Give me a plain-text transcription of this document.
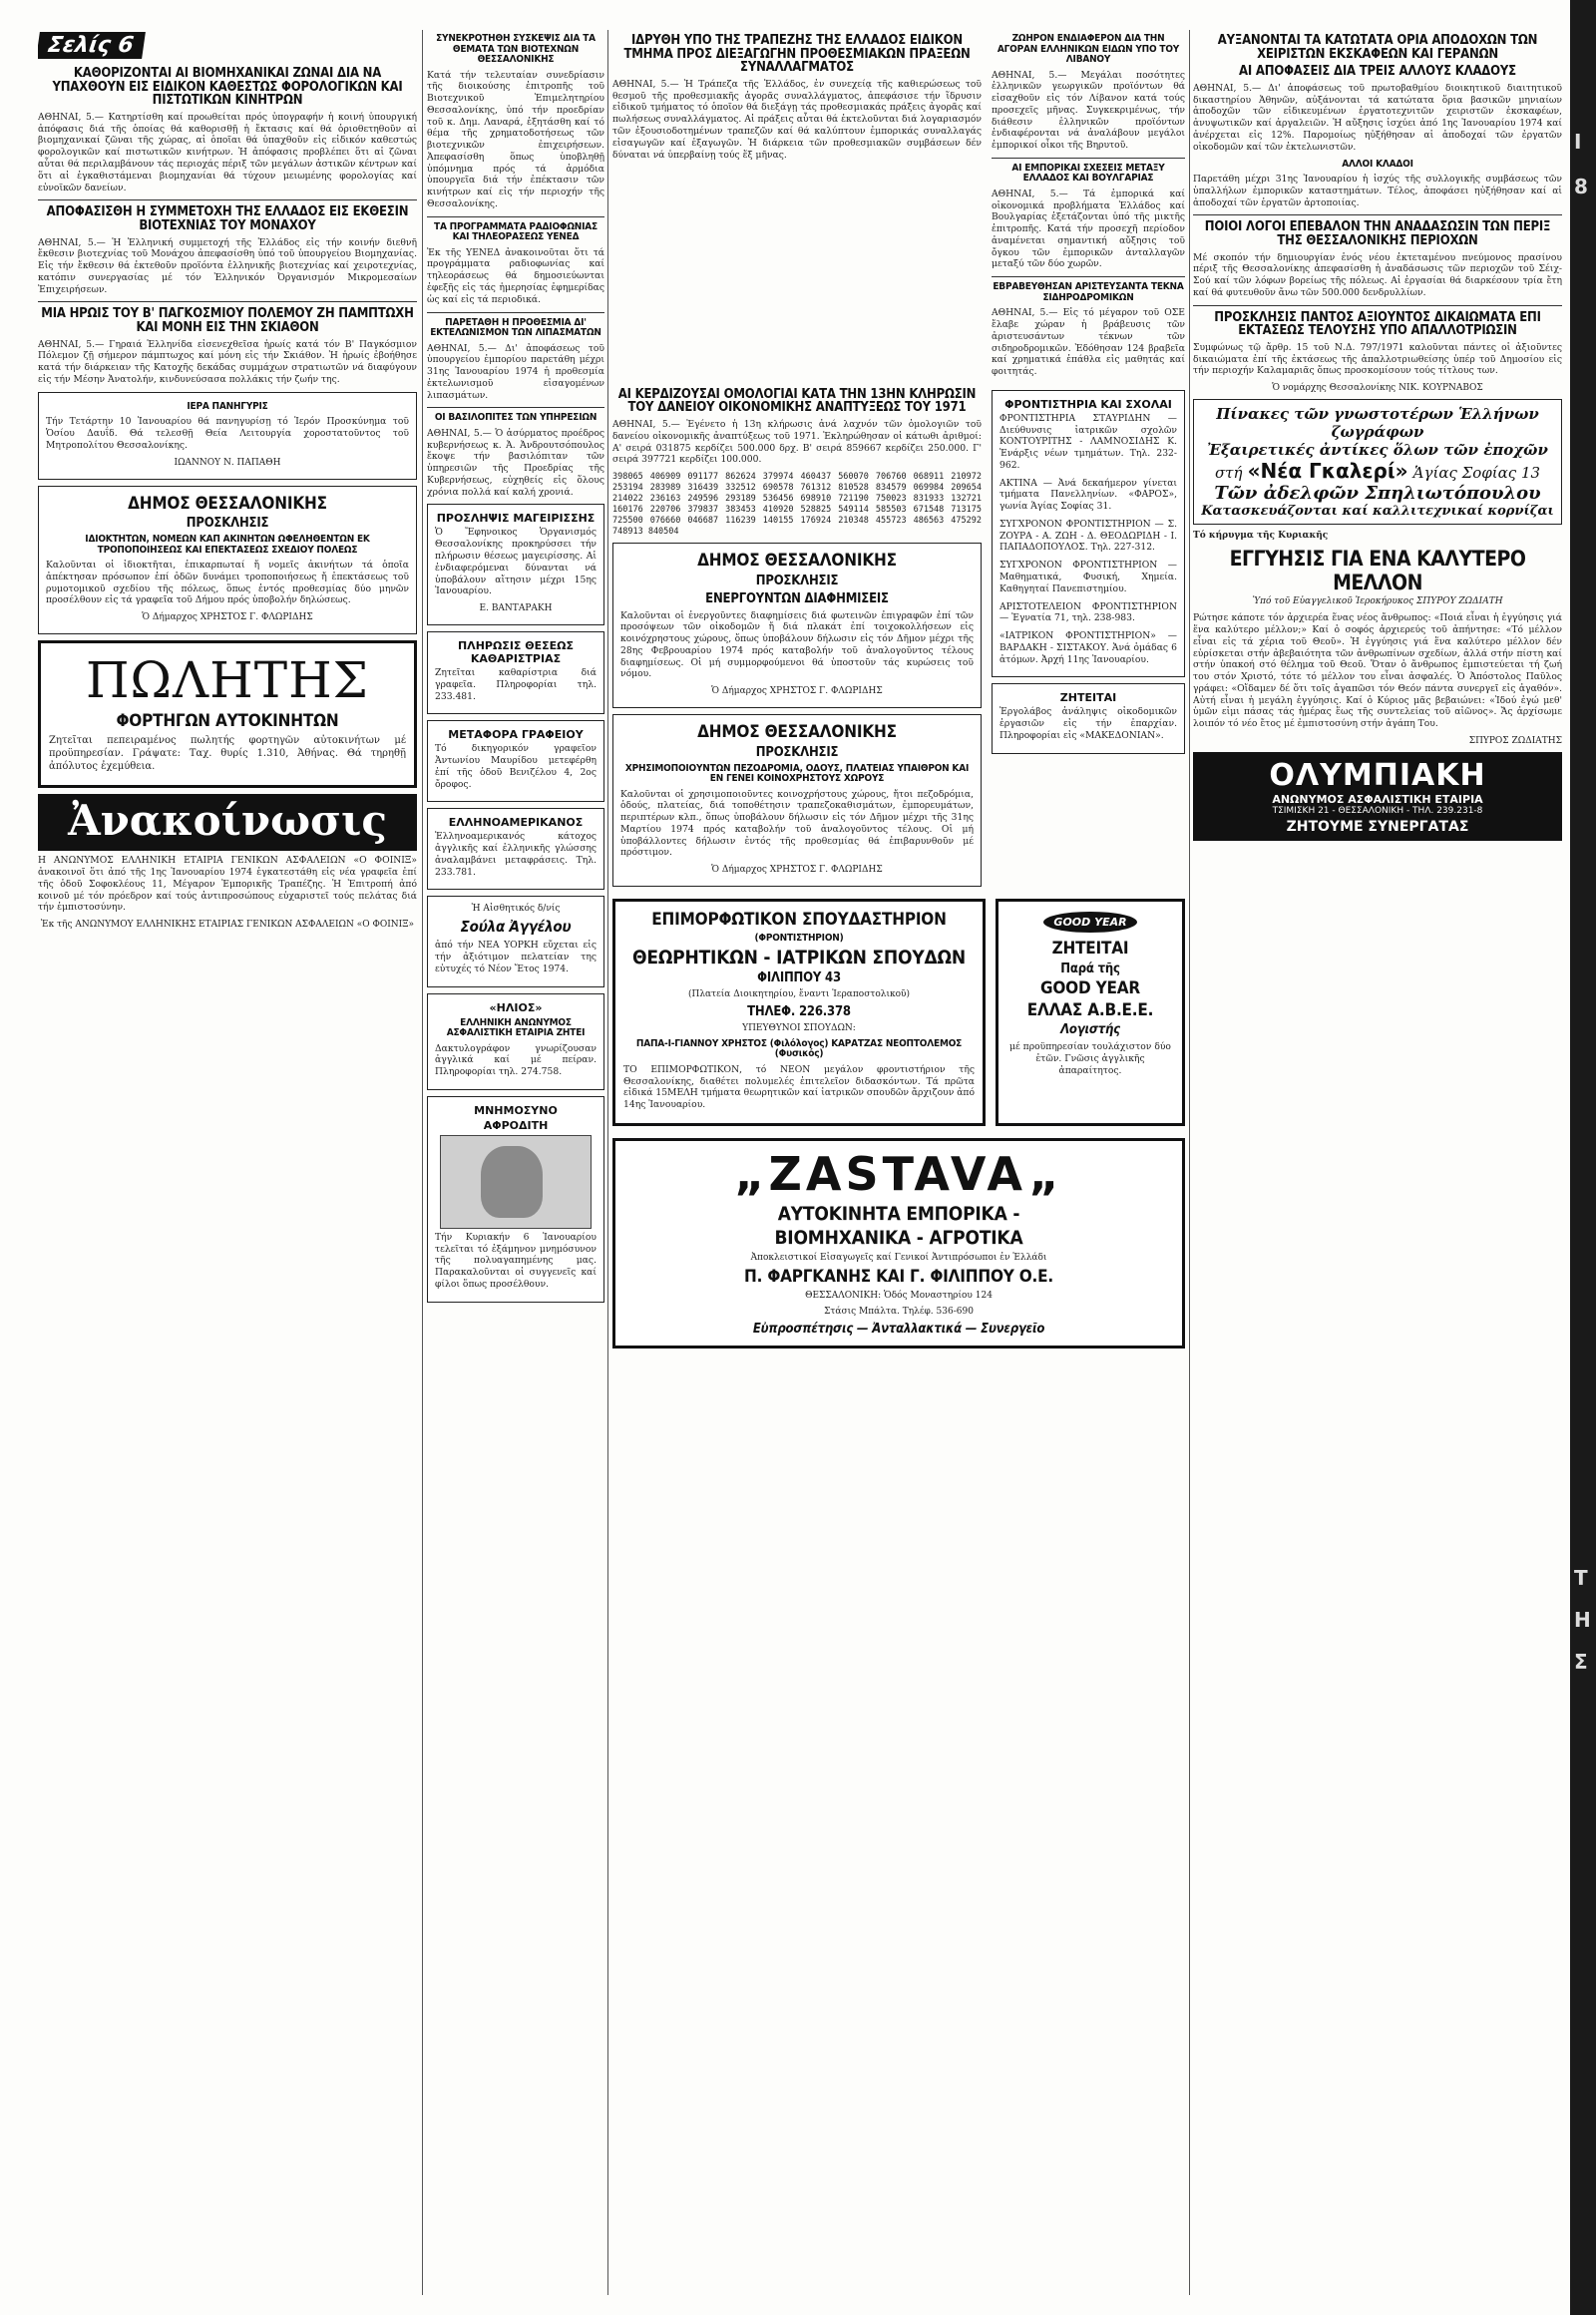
Σελίς 6
ΚΑΘΟΡΙΖΟΝΤΑΙ ΑΙ ΒΙΟΜΗΧΑΝΙΚΑΙ ΖΩΝΑΙ ΔΙΑ ΝΑ ΥΠΑΧΘΟΥΝ ΕΙΣ ΕΙΔΙΚΟΝ ΚΑΘΕΣΤΩΣ ΦΟΡΟΛΟΓΙΚΩΝ ΚΑΙ ΠΙΣΤΩΤΙΚΩΝ ΚΙΝΗΤΡΩΝ
ΑΘΗΝΑΙ, 5.— Κατηρτίσθη καί προωθείται πρός ὑπογραφήν ἡ κοινή ὑπουργική ἀπόφασις διά τῆς ὁποίας θά καθορισθῇ ἡ ἔκτασις καί θά ὁριοθετηθοῦν αἱ βιομηχανικαί ζῶναι τῆς χώρας, αἱ ὁποῖαι θά ὑπαχθοῦν εἰς εἰδικόν καθεστώς φορολογικῶν καί πιστωτικῶν κινήτρων. Ἡ ἀπόφασις προβλέπει ὅτι αἱ ζῶναι αὗται θά περιλαμβάνουν τάς περιοχάς πέριξ τῶν μεγάλων ἀστικῶν κέντρων καί ὅτι αἱ ἐγκαθιστάμεναι βιομηχανίαι θά τύχουν μειωμένης φορολογίας καί εὐνοϊκῶν δανείων.
ΑΠΟΦΑΣΙΣΘΗ Η ΣΥΜΜΕΤΟΧΗ ΤΗΣ ΕΛΛΑΔΟΣ ΕΙΣ ΕΚΘΕΣΙΝ ΒΙΟΤΕΧΝΙΑΣ ΤΟΥ ΜΟΝΑΧΟΥ
ΑΘΗΝΑΙ, 5.— Ἡ Ἑλληνική συμμετοχή τῆς Ἑλλάδος εἰς τήν κοινήν διεθνῆ ἔκθεσιν βιοτεχνίας τοῦ Μονάχου ἀπεφασίσθη ὑπό τοῦ ὑπουργείου Βιομηχανίας. Εἰς τήν ἔκθεσιν θά ἐκτεθοῦν προϊόντα ἑλληνικῆς βιοτεχνίας καί χειροτεχνίας, κατόπιν συνεργασίας μέ τόν Ἑλληνικόν Ὀργανισμόν Μικρομεσαίων Ἐπιχειρήσεων.
ΜΙΑ ΗΡΩΙΣ ΤΟΥ Β' ΠΑΓΚΟΣΜΙΟΥ ΠΟΛΕΜΟΥ ΖΗ ΠΑΜΠΤΩΧΗ ΚΑΙ ΜΟΝΗ ΕΙΣ ΤΗΝ ΣΚΙΑΘΟΝ
ΑΘΗΝΑΙ, 5.— Γηραιά Ἑλληνίδα εἰσενεχθεῖσα ἡρωίς κατά τόν Β' Παγκόσμιον Πόλεμον ζῇ σήμερον πάμπτωχος καί μόνη εἰς τήν Σκιάθον. Ἡ ἡρωίς ἐβοήθησε κατά τήν διάρκειαν τῆς Κατοχῆς δεκάδας συμμάχων στρατιωτῶν νά διαφύγουν εἰς τήν Μέσην Ἀνατολήν, κινδυνεύσασα πολλάκις τήν ζωήν της.
ΙΕΡΑ ΠΑΝΗΓΥΡΙΣ
Τήν Τετάρτην 10 Ἰανουαρίου θά πανηγυρίσῃ τό Ἱερόν Προσκύνημα τοῦ Ὁσίου Δαυΐδ. Θά τελεσθῇ Θεία Λειτουργία χοροστατοῦντος τοῦ Μητροπολίτου Θεσσαλονίκης.
ΙΩΑΝΝΟΥ Ν. ΠΑΠΑΘΗ
ΔΗΜΟΣ ΘΕΣΣΑΛΟΝΙΚΗΣ
ΠΡΟΣΚΛΗΣΙΣ
ΙΔΙΟΚΤΗΤΩΝ, ΝΟΜΕΩΝ ΚΑΠ ΑΚΙΝΗΤΩΝ ΩΦΕΛΗΘΕΝΤΩΝ ΕΚ ΤΡΟΠΟΠΟΙΗΣΕΩΣ ΚΑΙ ΕΠΕΚΤΑΣΕΩΣ ΣΧΕΔΙΟΥ ΠΟΛΕΩΣ
Καλοῦνται οἱ ἰδιοκτῆται, ἐπικαρπωταί ἤ νομεῖς ἀκινήτων τά ὁποῖα ἀπέκτησαν πρόσωπον ἐπί ὁδῶν δυνάμει τροποποιήσεως ἤ ἐπεκτάσεως τοῦ ρυμοτομικοῦ σχεδίου τῆς πόλεως, ὅπως ἐντός προθεσμίας δύο μηνῶν προσέλθουν εἰς τά γραφεῖα τοῦ Δήμου πρός ὑποβολήν δηλώσεως.
Ὁ Δήμαρχος ΧΡΗΣΤΟΣ Γ. ΦΛΩΡΙΔΗΣ
ΠΩΛΗΤΗΣ
ΦΟΡΤΗΓΩΝ ΑΥΤΟΚΙΝΗΤΩΝ
Ζητεῖται πεπειραμένος πωλητής φορτηγῶν αὐτοκινήτων μέ προϋπηρεσίαν. Γράψατε: Ταχ. θυρίς 1.310, Ἀθήνας. Θά τηρηθῇ ἀπόλυτος ἐχεμύθεια.
Ἀνακοίνωσις
Η ΑΝΩΝΥΜΟΣ ΕΛΛΗΝΙΚΗ ΕΤΑΙΡΙΑ ΓΕΝΙΚΩΝ ΑΣΦΑΛΕΙΩΝ «Ο ΦΟΙΝΙΞ» ἀνακοινοῖ ὅτι ἀπό τῆς 1ης Ἰανουαρίου 1974 ἐγκατεστάθη εἰς νέα γραφεῖα ἐπί τῆς ὁδοῦ Σοφοκλέους 11, Μέγαρον Ἐμπορικῆς Τραπέζης. Ἡ Ἐπιτροπή ἀπό κοινοῦ μέ τόν πρόεδρον καί τούς ἀντιπροσώπους εὐχαριστεῖ τούς πελάτας διά τήν ἐμπιστοσύνην.
Ἐκ τῆς ΑΝΩΝΥΜΟΥ ΕΛΛΗΝΙΚΗΣ ΕΤΑΙΡΙΑΣ ΓΕΝΙΚΩΝ ΑΣΦΑΛΕΙΩΝ «Ο ΦΟΙΝΙΞ»
ΣΥΝΕΚΡΟΤΗΘΗ ΣΥΣΚΕΨΙΣ ΔΙΑ ΤΑ ΘΕΜΑΤΑ ΤΩΝ ΒΙΟΤΕΧΝΩΝ ΘΕΣΣΑΛΟΝΙΚΗΣ
Κατά τήν τελευταίαν συνεδρίασιν τῆς διοικούσης ἐπιτροπῆς τοῦ Βιοτεχνικοῦ Ἐπιμελητηρίου Θεσσαλονίκης, ὑπό τήν προεδρίαν τοῦ κ. Δημ. Λαναρά, ἐξητάσθη καί τό θέμα τῆς χρηματοδοτήσεως τῶν βιοτεχνικῶν ἐπιχειρήσεων. Ἀπεφασίσθη ὅπως ὑποβληθῇ ὑπόμνημα πρός τά ἁρμόδια ὑπουργεῖα διά τήν ἐπέκτασιν τῶν κινήτρων καί εἰς τήν περιοχήν τῆς Θεσσαλονίκης.
ΤΑ ΠΡΟΓΡΑΜΜΑΤΑ ΡΑΔΙΟΦΩΝΙΑΣ ΚΑΙ ΤΗΛΕΟΡΑΣΕΩΣ ΥΕΝΕΔ
Ἐκ τῆς ΥΕΝΕΔ ἀνακοινοῦται ὅτι τά προγράμματα ραδιοφωνίας καί τηλεοράσεως θά δημοσιεύωνται ἐφεξῆς εἰς τάς ἡμερησίας ἐφημερίδας ὡς καί εἰς τά περιοδικά.
ΠΑΡΕΤΑΘΗ Η ΠΡΟΘΕΣΜΙΑ ΔΙ' ΕΚΤΕΛΩΝΙΣΜΟΝ ΤΩΝ ΛΙΠΑΣΜΑΤΩΝ
ΑΘΗΝΑΙ, 5.— Δι' ἀποφάσεως τοῦ ὑπουργείου ἐμπορίου παρετάθη μέχρι 31ης Ἰανουαρίου 1974 ἡ προθεσμία ἐκτελωνισμοῦ εἰσαγομένων λιπασμάτων.
ΟΙ ΒΑΣΙΛΟΠΙΤΕΣ ΤΩΝ ΥΠΗΡΕΣΙΩΝ
ΑΘΗΝΑΙ, 5.— Ὁ ἀσύρματος προέδρος κυβερνήσεως κ. Ἀ. Ἀνδρουτσόπουλος ἔκοψε τήν βασιλόπιταν τῶν ὑπηρεσιῶν τῆς Προεδρίας τῆς Κυβερνήσεως, εὐχηθείς εἰς ὅλους χρόνια πολλά καί καλή χρονιά.
ΠΡΟΣΛΗΨΙΣ ΜΑΓΕΙΡΙΣΣΗΣ
Ὁ Ἔφηνοικος Ὁργανισμός Θεσσαλονίκης προκηρύσσει τήν πλήρωσιν θέσεως μαγειρίσσης. Αἱ ἐνδιαφερόμεναι δύνανται νά ὑποβάλουν αἴτησιν μέχρι 15ης Ἰανουαρίου.
Ε. ΒΑΝΤΑΡΑΚΗ
ΠΛΗΡΩΣΙΣ ΘΕΣΕΩΣ ΚΑΘΑΡΙΣΤΡΙΑΣ
Ζητεῖται καθαρίστρια διά γραφεῖα. Πληροφορίαι τηλ. 233.481.
ΜΕΤΑΦΟΡΑ ΓΡΑΦΕΙΟΥ
Τό δικηγορικόν γραφεῖον Ἀντωνίου Μαυρίδου μετεφέρθη ἐπί τῆς ὁδοῦ Βενιζέλου 4, 2ος ὄροφος.
ΕΛΛΗΝΟΑΜΕΡΙΚΑΝΟΣ
Ἑλληνοαμερικανός κάτοχος ἀγγλικῆς καί ἑλληνικῆς γλώσσης ἀναλαμβάνει μεταφράσεις. Τηλ. 233.781.
Ἡ Αἰσθητικός δ/νίς
Σούλα Ἀγγέλου
ἀπό τήν ΝΕΑ ΥΟΡΚΗ εὔχεται εἰς τήν ἀξιότιμον πελατείαν της εὐτυχές τό Νέον Ἔτος 1974.
«ΗΛΙΟΣ»
ΕΛΛΗΝΙΚΗ ΑΝΩΝΥΜΟΣ ΑΣΦΑΛΙΣΤΙΚΗ ΕΤΑΙΡΙΑ ΖΗΤΕΙ
Δακτυλογράφον γνωρίζουσαν ἀγγλικά καί μέ πείραν. Πληροφορίαι τηλ. 274.758.
ΜΝΗΜΟΣΥΝΟ
ΑΦΡΟΔΙΤΗ
Τήν Κυριακήν 6 Ἰανουαρίου τελεῖται τό ἑξάμηνον μνημόσυνον τῆς πολυαγαπημένης μας. Παρακαλοῦνται οἱ συγγενεῖς καί φίλοι ὅπως προσέλθουν.
ΙΔΡΥΘΗ ΥΠΟ ΤΗΣ ΤΡΑΠΕΖΗΣ ΤΗΣ ΕΛΛΑΔΟΣ ΕΙΔΙΚΟΝ ΤΜΗΜΑ ΠΡΟΣ ΔΙΕΞΑΓΩΓΗΝ ΠΡΟΘΕΣΜΙΑΚΩΝ ΠΡΑΞΕΩΝ ΣΥΝΑΛΛΑΓΜΑΤΟΣ
ΑΘΗΝΑΙ, 5.— Ἡ Τράπεζα τῆς Ἑλλάδος, ἐν συνεχείᾳ τῆς καθιερώσεως τοῦ θεσμοῦ τῆς προθεσμιακῆς ἀγορᾶς συναλλάγματος, ἀπεφάσισε τήν ἵδρυσιν εἰδικοῦ τμήματος τό ὁποῖον θά διεξάγῃ τάς προθεσμιακάς πράξεις ἀγορᾶς καί πωλήσεως συναλλάγματος. Αἱ πράξεις αὗται θά ἐκτελοῦνται διά λογαριασμόν τῶν ἐξουσιοδοτημένων τραπεζῶν καί θά καλύπτουν ἐμπορικάς συναλλαγάς εἰσαγωγῶν καί ἐξαγωγῶν. Ἡ διάρκεια τῶν προθεσμιακῶν συμβάσεων δέν δύναται νά ὑπερβαίνῃ τούς ἕξ μῆνας.
ΖΩΗΡΟΝ ΕΝΔΙΑΦΕΡΟΝ ΔΙΑ ΤΗΝ ΑΓΟΡΑΝ ΕΛΛΗΝΙΚΩΝ ΕΙΔΩΝ ΥΠΟ ΤΟΥ ΛΙΒΑΝΟΥ
ΑΘΗΝΑΙ, 5.— Μεγάλαι ποσότητες ἑλληνικῶν γεωργικῶν προϊόντων θά εἰσαχθοῦν εἰς τόν Λίβανον κατά τούς προσεχεῖς μῆνας. Συγκεκριμένως, τήν διάθεσιν ἑλληνικῶν προϊόντων ἐνδιαφέρονται νά ἀναλάβουν μεγάλοι ἐμπορικοί οἶκοι τῆς Βηρυτοῦ.
ΑΙ ΕΜΠΟΡΙΚΑΙ ΣΧΕΣΕΙΣ ΜΕΤΑΞΥ ΕΛΛΑΔΟΣ ΚΑΙ ΒΟΥΛΓΑΡΙΑΣ
ΑΘΗΝΑΙ, 5.— Τά ἐμπορικά καί οἰκονομικά προβλήματα Ἑλλάδος καί Βουλγαρίας ἐξετάζονται ὑπό τῆς μικτῆς ἐπιτροπῆς. Κατά τήν προσεχῆ περίοδον ἀναμένεται σημαντική αὔξησις τοῦ ὄγκου τῶν ἐμπορικῶν ἀνταλλαγῶν μεταξύ τῶν δύο χωρῶν.
ΕΒΡΑΒΕΥΘΗΣΑΝ ΑΡΙΣΤΕΥΣΑΝΤΑ ΤΕΚΝΑ ΣΙΔΗΡΟΔΡΟΜΙΚΩΝ
ΑΘΗΝΑΙ, 5.— Εἰς τό μέγαρον τοῦ ΟΣΕ ἔλαβε χώραν ἡ βράβευσις τῶν ἀριστευσάντων τέκνων τῶν σιδηροδρομικῶν. Ἐδόθησαν 124 βραβεῖα καί χρηματικά ἐπάθλα εἰς μαθητάς καί φοιτητάς.
ΑΙ ΚΕΡΔΙΖΟΥΣΑΙ ΟΜΟΛΟΓΙΑΙ ΚΑΤΑ ΤΗΝ 13ΗΝ ΚΛΗΡΩΣΙΝ ΤΟΥ ΔΑΝΕΙΟΥ ΟΙΚΟΝΟΜΙΚΗΣ ΑΝΑΠΤΥΞΕΩΣ ΤΟΥ 1971
ΑΘΗΝΑΙ, 5.— Ἐγένετο ἡ 13η κλήρωσις ἀνά λαχνόν τῶν ὁμολογιῶν τοῦ δανείου οἰκονομικῆς ἀναπτύξεως τοῦ 1971. Ἐκληρώθησαν οἱ κάτωθι ἀριθμοί: Α' σειρά 031875 κερδίζει 500.000 δρχ. Β' σειρά 859667 κερδίζει 250.000. Γ' σειρά 397721 κερδίζει 100.000.
398065 406909 091177 862624 379974 460437 560070 706760 068911 210972 253194 283989 316439 332512 690578 761312 810528 834579 069984 209654 214022 236163 249596 293189 536456 698910 721190 750023 831933 132721 160176 220706 379837 383453 410920 528825 549114 585503 671548 713175 725500 076660 046687 116239 140155 176924 210348 455723 486563 475292 748913 840504
ΔΗΜΟΣ ΘΕΣΣΑΛΟΝΙΚΗΣ
ΠΡΟΣΚΛΗΣΙΣ
ΕΝΕΡΓΟΥΝΤΩΝ ΔΙΑΦΗΜΙΣΕΙΣ
Καλοῦνται οἱ ἐνεργοῦντες διαφημίσεις διά φωτεινῶν ἐπιγραφῶν ἐπί τῶν προσόψεων τῶν οἰκοδομῶν ἤ διά πλακάτ ἐπί τοιχοκολλήσεων εἰς κοινόχρηστους χώρους, ὅπως ὑποβάλουν δήλωσιν εἰς τόν Δῆμον μέχρι τῆς 28ης Φεβρουαρίου 1974 πρός καταβολήν τοῦ ἀναλογοῦντος τέλους διαφημίσεως. Οἱ μή συμμορφούμενοι θά ὑποστοῦν τάς κυρώσεις τοῦ νόμου.
Ὁ Δήμαρχος ΧΡΗΣΤΟΣ Γ. ΦΛΩΡΙΔΗΣ
ΔΗΜΟΣ ΘΕΣΣΑΛΟΝΙΚΗΣ
ΠΡΟΣΚΛΗΣΙΣ
ΧΡΗΣΙΜΟΠΟΙΟΥΝΤΩΝ ΠΕΖΟΔΡΟΜΙΑ, ΟΔΟΥΣ, ΠΛΑΤΕΙΑΣ ΥΠΑΙΘΡΟΝ ΚΑΙ ΕΝ ΓΕΝΕΙ ΚΟΙΝΟΧΡΗΣΤΟΥΣ ΧΩΡΟΥΣ
Καλοῦνται οἱ χρησιμοποιοῦντες κοινοχρήστους χώρους, ἤτοι πεζοδρόμια, ὁδούς, πλατείας, διά τοποθέτησιν τραπεζοκαθισμάτων, ἐμπορευμάτων, περιπτέρων κλπ., ὅπως ὑποβάλουν δήλωσιν εἰς τόν Δῆμον μέχρι τῆς 31ης Μαρτίου 1974 πρός καταβολήν τοῦ ἀναλογοῦντος τέλους. Οἱ μή ὑποβάλλοντες δήλωσιν ἐντός τῆς προθεσμίας θά ἐπιβαρυνθοῦν μέ πρόστιμον.
Ὁ Δήμαρχος ΧΡΗΣΤΟΣ Γ. ΦΛΩΡΙΔΗΣ
ΦΡΟΝΤΙΣΤΗΡΙΑ ΚΑΙ ΣΧΟΛΑΙ
ΦΡΟΝΤΙΣΤΗΡΙΑ ΣΤΑΥΡΙΔΗΝ — Διεύθυνσις ἰατρικῶν σχολῶν ΚΟΝΤΟΥΡΙΤΗΣ - ΛΑΜΝΟΣΙΔΗΣ Κ. Ἐνάρξις νέων τμημάτων. Τηλ. 232-962.
ΑΚΤΙΝΑ — Ἀνά δεκαήμερον γίνεται τμήματα Πανελληνίων. «ΦΑΡΟΣ», γωνία Ἁγίας Σοφίας 31.
ΣΥΓΧΡΟΝΟΝ ΦΡΟΝΤΙΣΤΗΡΙΟΝ — Σ. ΖΟΥΡΑ - Α. ΖΩΗ - Δ. ΘΕΟΔΩΡΙΔΗ - Ι. ΠΑΠΑΔΟΠΟΥΛΟΣ. Τηλ. 227-312.
ΣΥΓΧΡΟΝΟΝ ΦΡΟΝΤΙΣΤΗΡΙΟΝ — Μαθηματικά, Φυσική, Χημεία. Καθηγηταί Πανεπιστημίου.
ΑΡΙΣΤΟΤΕΛΕΙΟΝ ΦΡΟΝΤΙΣΤΗΡΙΟΝ — Ἐγνατία 71, τηλ. 238-983.
«ΙΑΤΡΙΚΟΝ ΦΡΟΝΤΙΣΤΗΡΙΟΝ» — ΒΑΡΔΑΚΗ - ΣΙΣΤΑΚΟΥ. Ἀνά ὁμάδας 6 ἀτόμων. Ἀρχή 11ης Ἰανουαρίου.
ΖΗΤΕΙΤΑΙ
Ἐργολάβος ἀνάληψις οἰκοδομικῶν ἐργασιῶν εἰς τήν ἐπαρχίαν. Πληροφορίαι εἰς «ΜΑΚΕΔΟΝΙΑΝ».
ΕΠΙΜΟΡΦΩΤΙΚΟΝ ΣΠΟΥΔΑΣΤΗΡΙΟΝ
(ΦΡΟΝΤΙΣΤΗΡΙΟΝ)
ΘΕΩΡΗΤΙΚΩΝ - ΙΑΤΡΙΚΩΝ ΣΠΟΥΔΩΝ
ΦΙΛΙΠΠΟΥ 43
(Πλατεία Διοικητηρίου, ἔναντι Ἱεραποστολικοῦ)
ΤΗΛΕΦ. 226.378
ΥΠΕΥΘΥΝΟΙ ΣΠΟΥΔΩΝ:
ΠΑΠΑ-Ι-ΓΙΑΝΝΟΥ ΧΡΗΣΤΟΣ (Φιλόλογος) ΚΑΡΑΤΖΑΣ ΝΕΟΠΤΟΛΕΜΟΣ (Φυσικός)
ΤΟ ΕΠΙΜΟΡΦΩΤΙΚΟΝ, τό ΝΕΟΝ μεγάλον φροντιστήριον τῆς Θεσσαλονίκης, διαθέτει πολυμελές ἐπιτελεῖον διδασκόντων. Τά πρῶτα εἰδικά 15ΜΕΛΗ τμήματα θεωρητικῶν καί ἰατρικῶν σπουδῶν ἄρχιζουν ἀπό 14ης Ἰανουαρίου.
GOOD YEAR
ΖΗΤΕΙΤΑΙ
Παρά τῆς
GOOD YEAR
ΕΛΛΑΣ Α.Β.Ε.Ε.
Λογιστής
μέ προϋπηρεσίαν τουλάχιστον δύο ἐτῶν. Γνῶσις ἀγγλικῆς ἀπαραίτητος.
„ZASTAVA„
ΑΥΤΟΚΙΝΗΤΑ ΕΜΠΟΡΙΚΑ -
ΒΙΟΜΗΧΑΝΙΚΑ - ΑΓΡΟΤΙΚΑ
Ἀποκλειστικοί Εἰσαγωγεῖς καί Γενικοί Ἀντιπρόσωποι ἐν Ἑλλάδι
Π. ΦΑΡΓΚΑΝΗΣ ΚΑΙ Γ. ΦΙΛΙΠΠΟΥ Ο.Ε.
ΘΕΣΣΑΛΟΝΙΚΗ: Ὁδός Μοναστηρίου 124
Στάσις Μπάλτα. Τηλέφ. 536-690
Εὐπροσπέτησις — Ἀνταλλακτικά — Συνεργεῖο
ΑΥΞΑΝΟΝΤΑΙ ΤΑ ΚΑΤΩΤΑΤΑ ΟΡΙΑ ΑΠΟΔΟΧΩΝ ΤΩΝ ΧΕΙΡΙΣΤΩΝ ΕΚΣΚΑΦΕΩΝ ΚΑΙ ΓΕΡΑΝΩΝ
ΑΙ ΑΠΟΦΑΣΕΙΣ ΔΙΑ ΤΡΕΙΣ ΑΛΛΟΥΣ ΚΛΑΔΟΥΣ
ΑΘΗΝΑΙ, 5.— Δι' ἀποφάσεως τοῦ πρωτοβαθμίου διοικητικοῦ διαιτητικοῦ δικαστηρίου Ἀθηνῶν, αὐξάνονται τά κατώτατα ὅρια βασικῶν μηνιαίων ἀποδοχῶν τῶν εἰδικευμένων ἐργατοτεχνιτῶν χειριστῶν ἐκσκαφέων, ἀνυψωτικῶν καί ἀργαλειῶν. Ἡ αὔξησις ἰσχύει ἀπό 1ης Ἰανουαρίου 1974 καί ἀνέρχεται εἰς 12%. Παρομοίως ηὐξήθησαν αἱ ἀποδοχαί τῶν ἐργατῶν οἰκοδομῶν καί τῶν ἐκτελωνιστῶν.
ΑΛΛΟΙ ΚΛΑΔΟΙ
Παρετάθη μέχρι 31ης Ἰανουαρίου ἡ ἰσχύς τῆς συλλογικῆς συμβάσεως τῶν ὑπαλλήλων ἐμπορικῶν καταστημάτων. Τέλος, ἀποφάσει ηὐξήθησαν καί αἱ ἀποδοχαί τῶν ἐργατῶν ἀρτοποιίας.
ΠΟΙΟΙ ΛΟΓΟΙ ΕΠΕΒΑΛΟΝ ΤΗΝ ΑΝΑΔΑΣΩΣΙΝ ΤΩΝ ΠΕΡΙΞ ΤΗΣ ΘΕΣΣΑΛΟΝΙΚΗΣ ΠΕΡΙΟΧΩΝ
Μέ σκοπόν τήν δημιουργίαν ἑνός νέου ἐκτεταμένου πνεύμονος πρασίνου πέριξ τῆς Θεσσαλονίκης ἀπεφασίσθη ἡ ἀναδάσωσις τῶν περιοχῶν τοῦ Σέιχ-Σού καί τῶν λόφων βορείως τῆς πόλεως. Αἱ ἐργασίαι θά διαρκέσουν τρία ἔτη καί θά φυτευθοῦν ἄνω τῶν 500.000 δενδρυλλίων.
ΠΡΟΣΚΛΗΣΙΣ ΠΑΝΤΟΣ ΑΞΙΟΥΝΤΟΣ ΔΙΚΑΙΩΜΑΤΑ ΕΠΙ ΕΚΤΑΣΕΩΣ ΤΕΛΟΥΣΗΣ ΥΠΟ ΑΠΑΛΛΟΤΡΙΩΣΙΝ
Συμφώνως τῷ ἄρθρ. 15 τοῦ Ν.Δ. 797/1971 καλοῦνται πάντες οἱ ἀξιοῦντες δικαιώματα ἐπί τῆς ἐκτάσεως τῆς ἀπαλλοτριωθείσης ὑπέρ τοῦ Δημοσίου εἰς τήν περιοχήν Καλαμαριᾶς ὅπως προσκομίσουν τούς τίτλους των.
Ὁ νομάρχης Θεσσαλονίκης ΝΙΚ. ΚΟΥΡΝΑΒΟΣ
Πίνακες τῶν γνωστοτέρων Ἑλλήνων ζωγράφων
Ἐξαιρετικές ἀντίκες ὅλων τῶν ἐποχῶν
στή «Νέα Γκαλερί» Ἁγίας Σοφίας 13
Τῶν ἀδελφῶν Σπηλιωτόπουλου
Κατασκευάζονται καί καλλιτεχνικαί κορνίζαι
Τό κήρυγμα τῆς Κυριακῆς
ΕΓΓΥΗΣΙΣ ΓΙΑ ΕΝΑ ΚΑΛΥΤΕΡΟ ΜΕΛΛΟΝ
Ὑπό τοῦ Εὐαγγελικοῦ Ἱεροκήρυκος ΣΠΥΡΟΥ ΖΩΔΙΑΤΗ
Ρώτησε κάποτε τόν ἀρχιερέα ἕνας νέος ἄνθρωπος: «Ποιά εἶναι ἡ ἐγγύησις γιά ἕνα καλύτερο μέλλον;» Καί ὁ σοφός ἀρχιερεύς τοῦ ἀπήντησε: «Τό μέλλον εἶναι εἰς τά χέρια τοῦ Θεοῦ». Ἡ ἐγγύησις γιά ἕνα καλύτερο μέλλον δέν εὑρίσκεται στήν ἀβεβαιότητα τῶν ἀνθρωπίνων σχεδίων, ἀλλά στήν πίστη καί στήν ὑπακοή στό θέλημα τοῦ Θεοῦ. Ὅταν ὁ ἄνθρωπος ἐμπιστεύεται τή ζωή του στόν Χριστό, τότε τό μέλλον του εἶναι ἀσφαλές. Ὁ Ἀπόστολος Παῦλος γράφει: «Οἴδαμεν δέ ὅτι τοῖς ἀγαπῶσι τόν Θεόν πάντα συνεργεῖ εἰς ἀγαθόν». Αὐτή εἶναι ἡ μεγάλη ἐγγύησις. Καί ὁ Κύριος μᾶς βεβαιώνει: «Ἰδού ἐγώ μεθ' ὑμῶν εἰμι πάσας τάς ἡμέρας ἕως τῆς συντελείας τοῦ αἰῶνος». Ἄς ἀρχίσωμε λοιπόν τό νέο ἔτος μέ ἐμπιστοσύνη στήν ἀγάπη Του.
ΣΠΥΡΟΣ ΖΩΔΙΑΤΗΣ
ΟΛΥΜΠΙΑΚΗ
ΑΝΩΝΥΜΟΣ ΑΣΦΑΛΙΣΤΙΚΗ ΕΤΑΙΡΙΑ
ΤΣΙΜΙΣΚΗ 21 - ΘΕΣΣΑΛΟΝΙΚΗ - ΤΗΛ. 239.231-8
ΖΗΤΟΥΜΕ ΣΥΝΕΡΓΑΤΑΣ
Ι
8
Τ
Η
Σ
